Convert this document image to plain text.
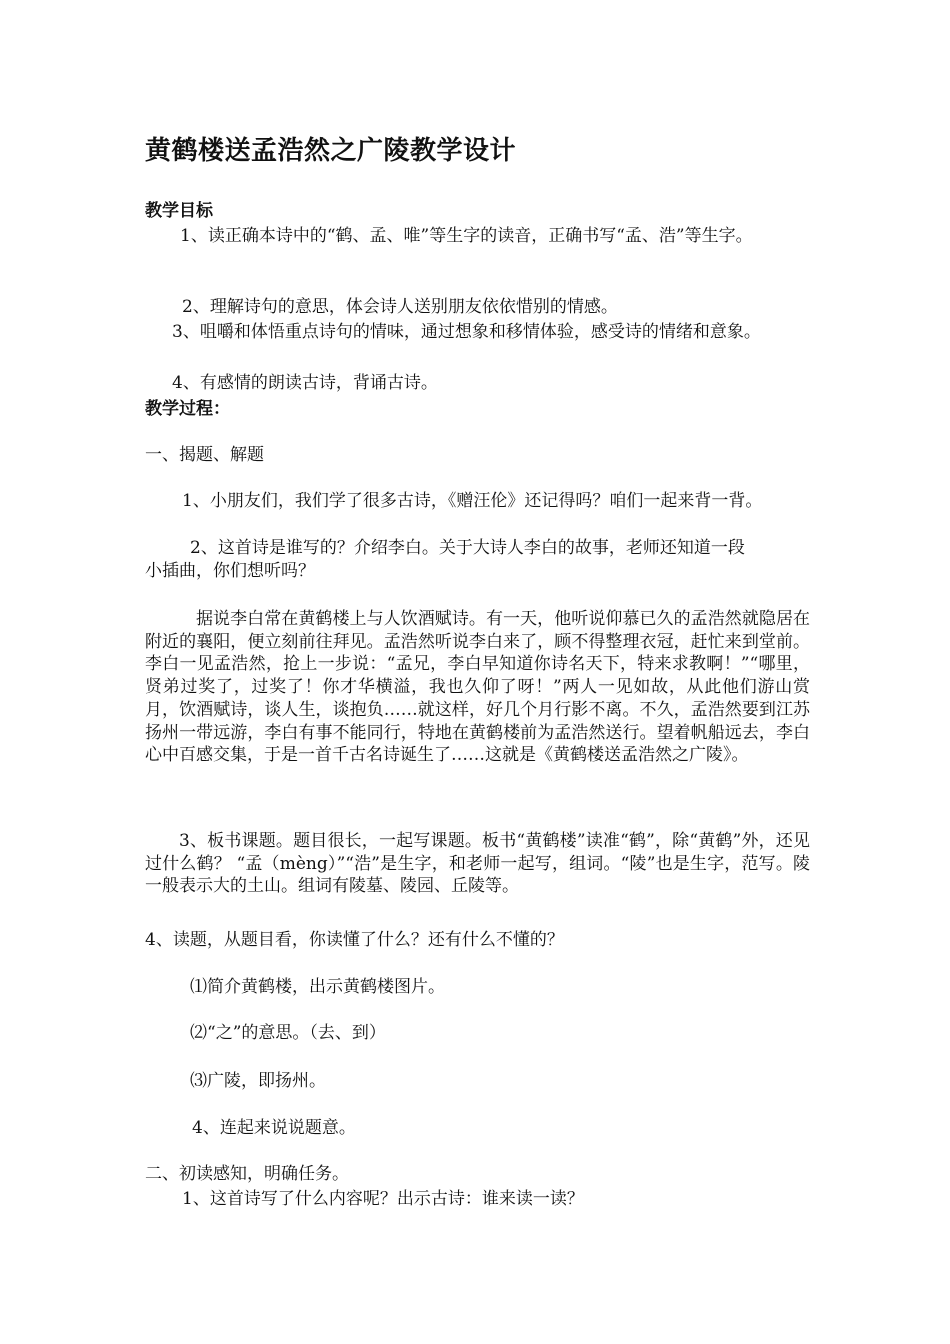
黄鹤楼送孟浩然之广陵教学设计
教学目标
1、读正确本诗中的“鹤、孟、唯”等生字的读音，正确书写“孟、浩”等生字。
2、理解诗句的意思，体会诗人送别朋友依依惜别的情感。
3、咀嚼和体悟重点诗句的情味，通过想象和移情体验，感受诗的情绪和意象。
4、有感情的朗读古诗，背诵古诗。
教学过程：
一、揭题、解题
1、小朋友们，我们学了很多古诗，《赠汪伦》还记得吗？咱们一起来背一背。
2、这首诗是谁写的？介绍李白。关于大诗人李白的故事，老师还知道一段
小插曲，你们想听吗？
据说李白常在黄鹤楼上与人饮酒赋诗。有一天，他听说仰慕已久的孟浩然就隐居在附近的襄阳，便立刻前往拜见。孟浩然听说李白来了，顾不得整理衣冠，赶忙来到堂前。李白一见孟浩然，抢上一步说：“孟兄，李白早知道你诗名天下，特来求教啊！”“哪里，贤弟过奖了，过奖了！你才华横溢，我也久仰了呀！”两人一见如故，从此他们游山赏月，饮酒赋诗，谈人生，谈抱负……就这样，好几个月行影不离。不久，孟浩然要到江苏扬州一带远游，李白有事不能同行，特地在黄鹤楼前为孟浩然送行。望着帆船远去，李白心中百感交集，于是一首千古名诗诞生了……这就是《黄鹤楼送孟浩然之广陵》。
3、板书课题。题目很长，一起写课题。板书“黄鹤楼”读准“鹤”，除“黄鹤”外，还见过什么鹤？ “孟（mèng）”“浩”是生字，和老师一起写，组词。“陵”也是生字，范写。陵一般表示大的土山。组词有陵墓、陵园、丘陵等。
4、读题，从题目看，你读懂了什么？还有什么不懂的？
⑴简介黄鹤楼，出示黄鹤楼图片。
⑵“之”的意思。（去、到）
⑶广陵，即扬州。
4、连起来说说题意。
二、初读感知，明确任务。
1、这首诗写了什么内容呢？出示古诗：谁来读一读？
